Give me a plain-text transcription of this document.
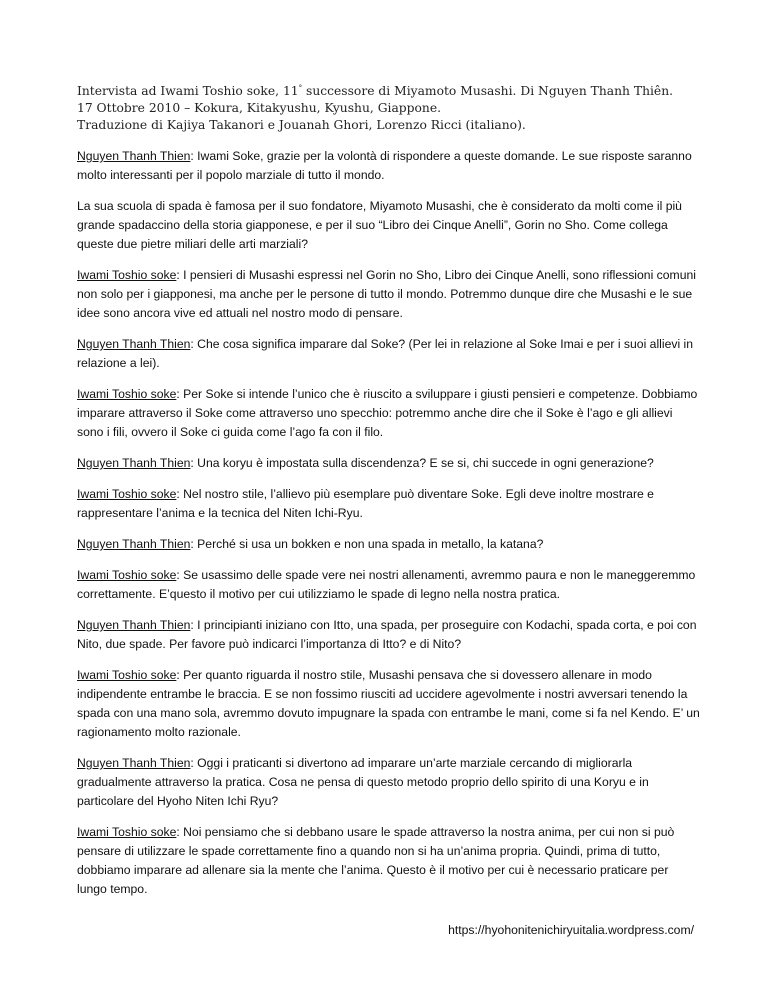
Intervista ad Iwami Toshio soke, 11° successore di Miyamoto Musashi. Di Nguyen Thanh Thiên.
17 Ottobre 2010 – Kokura, Kitakyushu, Kyushu, Giappone.
Traduzione di Kajiya Takanori e Jouanah Ghori, Lorenzo Ricci (italiano).

Nguyen Thanh Thien: Iwami Soke, grazie per la volontà di rispondere a queste domande. Le sue risposte saranno molto interessanti per il popolo marziale di tutto il mondo.

La sua scuola di spada è famosa per il suo fondatore, Miyamoto Musashi, che è considerato da molti come il più grande spadaccino della storia giapponese, e per il suo “Libro dei Cinque Anelli”, Gorin no Sho. Come collega queste due pietre miliari delle arti marziali?

Iwami Toshio soke: I pensieri di Musashi espressi nel Gorin no Sho, Libro dei Cinque Anelli, sono riflessioni comuni non solo per i giapponesi, ma anche per le persone di tutto il mondo. Potremmo dunque dire che Musashi e le sue idee sono ancora vive ed attuali nel nostro modo di pensare.

Nguyen Thanh Thien: Che cosa significa imparare dal Soke? (Per lei in relazione al Soke Imai e per i suoi allievi in relazione a lei).

Iwami Toshio soke: Per Soke si intende l’unico che è riuscito a sviluppare i giusti pensieri e competenze. Dobbiamo imparare attraverso il Soke come attraverso uno specchio: potremmo anche dire che il Soke è l’ago e gli allievi sono i fili, ovvero il Soke ci guida come l’ago fa con il filo.

Nguyen Thanh Thien: Una koryu è impostata sulla discendenza? E se si, chi succede in ogni generazione?

Iwami Toshio soke: Nel nostro stile, l’allievo più esemplare può diventare Soke. Egli deve inoltre mostrare e rappresentare l’anima e la tecnica del Niten Ichi-Ryu.

Nguyen Thanh Thien: Perché si usa un bokken e non una spada in metallo, la katana?

Iwami Toshio soke: Se usassimo delle spade vere nei nostri allenamenti, avremmo paura e non le maneggeremmo correttamente. E’questo il motivo per cui utilizziamo le spade di legno nella nostra pratica.

Nguyen Thanh Thien: I principianti iniziano con Itto, una spada, per proseguire con Kodachi, spada corta, e poi con Nito, due spade. Per favore può indicarci l’importanza di Itto? e di Nito?

Iwami Toshio soke: Per quanto riguarda il nostro stile, Musashi pensava che si dovessero allenare in modo indipendente entrambe le braccia. E se non fossimo riusciti ad uccidere agevolmente i nostri avversari tenendo la spada con una mano sola, avremmo dovuto impugnare la spada con entrambe le mani, come si fa nel Kendo. E’ un ragionamento molto razionale.

Nguyen Thanh Thien: Oggi i praticanti si divertono ad imparare un’arte marziale cercando di migliorarla gradualmente attraverso la pratica. Cosa ne pensa di questo metodo proprio dello spirito di una Koryu e in particolare del Hyoho Niten Ichi Ryu?

Iwami Toshio soke: Noi pensiamo che si debbano usare le spade attraverso la nostra anima, per cui non si può pensare di utilizzare le spade correttamente fino a quando non si ha un’anima propria. Quindi, prima di tutto, dobbiamo imparare ad allenare sia la mente che l’anima. Questo è il motivo per cui è necessario praticare per lungo tempo.

https://hyohonitenichiryuitalia.wordpress.com/
